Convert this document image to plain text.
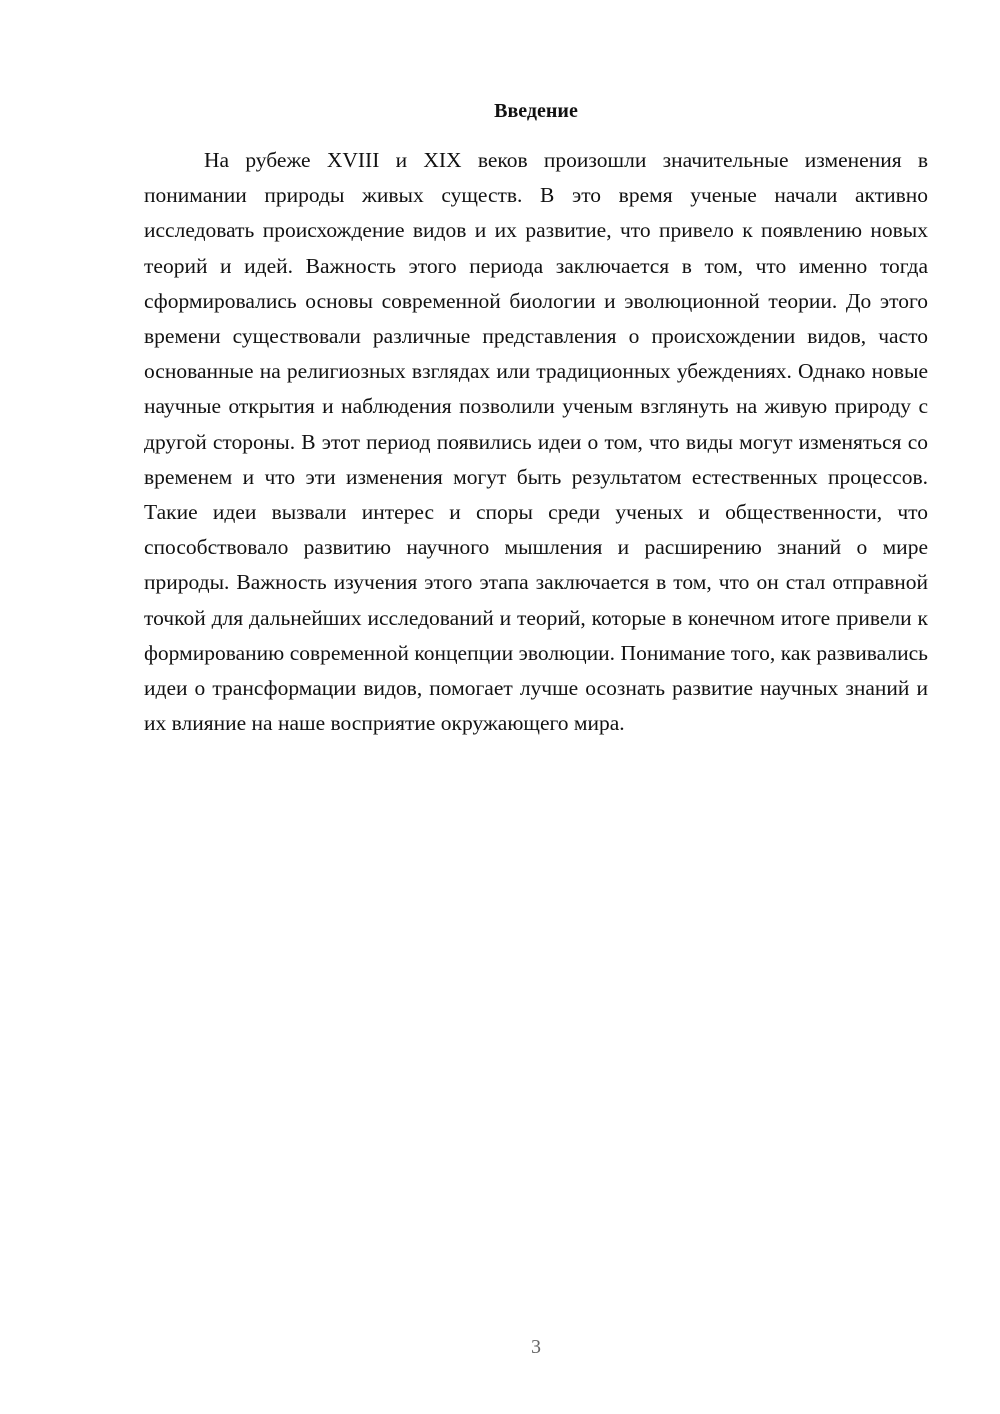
Введение

На рубеже XVIII и XIX веков произошли значительные изменения в понимании природы живых существ. В это время ученые начали активно исследовать происхождение видов и их развитие, что привело к появлению новых теорий и идей. Важность этого периода заключается в том, что именно тогда сформировались основы современной биологии и эволюционной теории. До этого времени существовали различные представления о происхождении видов, часто основанные на религиозных взглядах или традиционных убеждениях. Однако новые научные открытия и наблюдения позволили ученым взглянуть на живую природу с другой стороны. В этот период появились идеи о том, что виды могут изменяться со временем и что эти изменения могут быть результатом естественных процессов. Такие идеи вызвали интерес и споры среди ученых и общественности, что способствовало развитию научного мышления и расширению знаний о мире природы. Важность изучения этого этапа заключается в том, что он стал отправной точкой для дальнейших исследований и теорий, которые в конечном итоге привели к формированию современной концепции эволюции. Понимание того, как развивались идеи о трансформации видов, помогает лучше осознать развитие научных знаний и их влияние на наше восприятие окружающего мира.

3
